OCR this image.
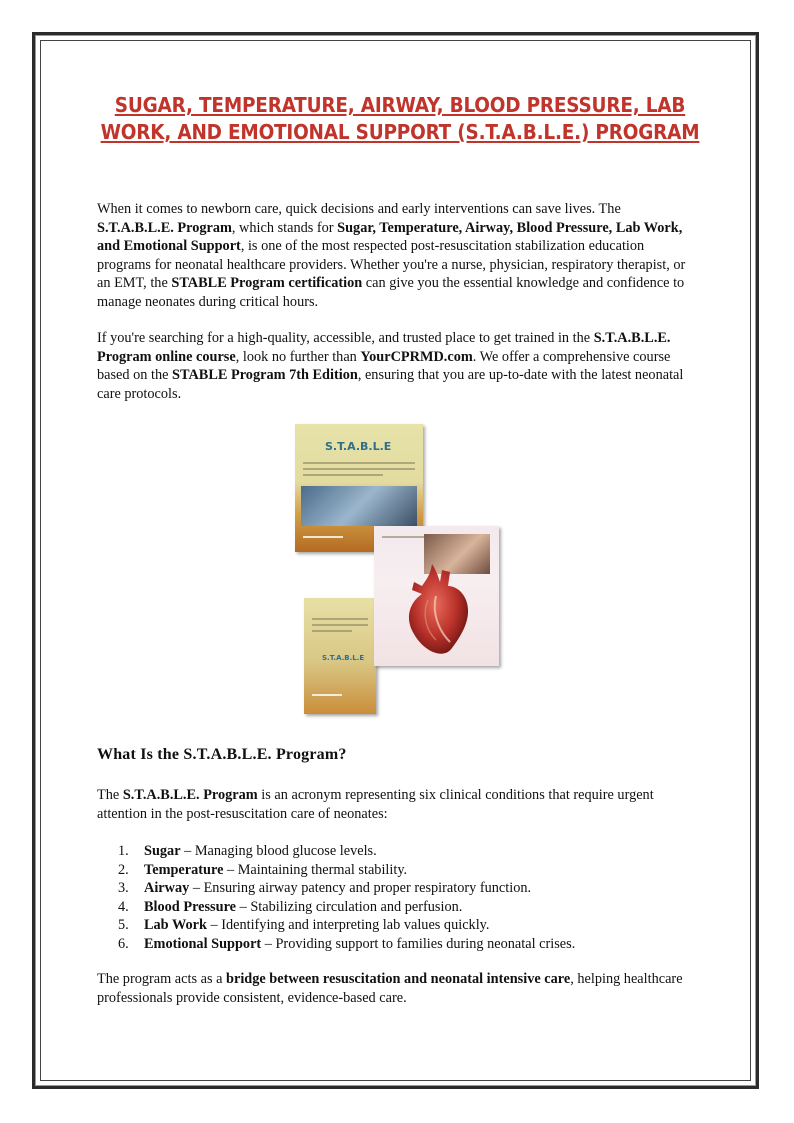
SUGAR, TEMPERATURE, AIRWAY, BLOOD PRESSURE, LAB WORK, AND EMOTIONAL SUPPORT (S.T.A.B.L.E.) PROGRAM

When it comes to newborn care, quick decisions and early interventions can save lives. The S.T.A.B.L.E. Program, which stands for Sugar, Temperature, Airway, Blood Pressure, Lab Work, and Emotional Support, is one of the most respected post-resuscitation stabilization education programs for neonatal healthcare providers. Whether you're a nurse, physician, respiratory therapist, or an EMT, the STABLE Program certification can give you the essential knowledge and confidence to manage neonates during critical hours.

If you're searching for a high-quality, accessible, and trusted place to get trained in the S.T.A.B.L.E. Program online course, look no further than YourCPRMD.com. We offer a comprehensive course based on the STABLE Program 7th Edition, ensuring that you are up-to-date with the latest neonatal care protocols.

S.T.A.B.L.E
S.T.A.B.L.E
What Is the S.T.A.B.L.E. Program?

The S.T.A.B.L.E. Program is an acronym representing six clinical conditions that require urgent attention in the post-resuscitation care of neonates:

1. Sugar – Managing blood glucose levels.
2. Temperature – Maintaining thermal stability.
3. Airway – Ensuring airway patency and proper respiratory function.
4. Blood Pressure – Stabilizing circulation and perfusion.
5. Lab Work – Identifying and interpreting lab values quickly.
6. Emotional Support – Providing support to families during neonatal crises.

The program acts as a bridge between resuscitation and neonatal intensive care, helping healthcare professionals provide consistent, evidence-based care.
